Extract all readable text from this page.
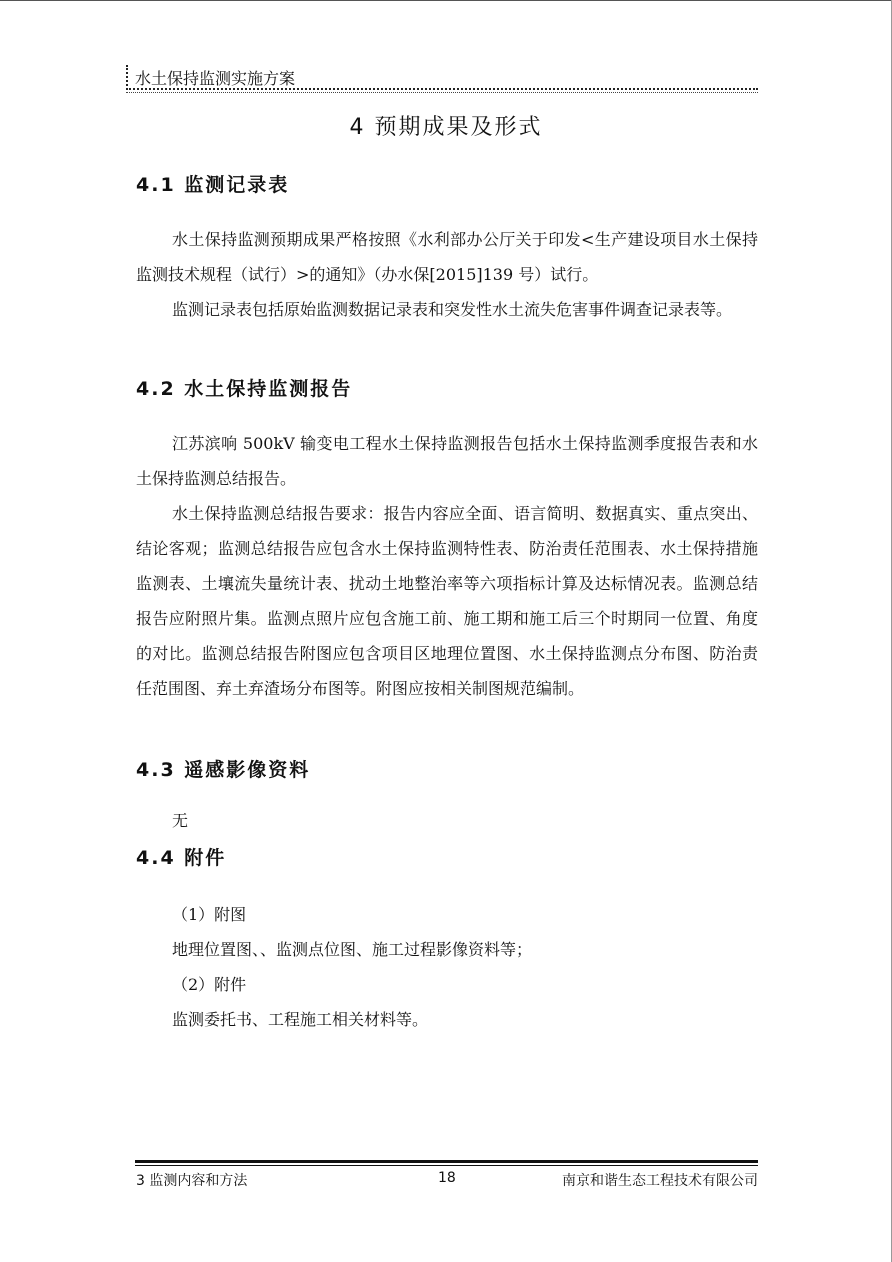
水土保持监测实施方案
4 预期成果及形式
4.1 监测记录表
水土保持监测预期成果严格按照《水利部办公厅关于印发<生产建设项目水土保持监测技术规程（试行）>的通知》（办水保[2015]139 号）试行。
监测记录表包括原始监测数据记录表和突发性水土流失危害事件调查记录表等。
4.2 水土保持监测报告
江苏滨响 500kV 输变电工程水土保持监测报告包括水土保持监测季度报告表和水土保持监测总结报告。
水土保持监测总结报告要求：报告内容应全面、语言简明、数据真实、重点突出、结论客观；监测总结报告应包含水土保持监测特性表、防治责任范围表、水土保持措施监测表、土壤流失量统计表、扰动土地整治率等六项指标计算及达标情况表。监测总结报告应附照片集。监测点照片应包含施工前、施工期和施工后三个时期同一位置、角度的对比。监测总结报告附图应包含项目区地理位置图、水土保持监测点分布图、防治责任范围图、弃土弃渣场分布图等。附图应按相关制图规范编制。
4.3 遥感影像资料
无
4.4 附件
（1）附图
地理位置图、、监测点位图、施工过程影像资料等；
（2）附件
监测委托书、工程施工相关材料等。
3 监测内容和方法	18	南京和谐生态工程技术有限公司
